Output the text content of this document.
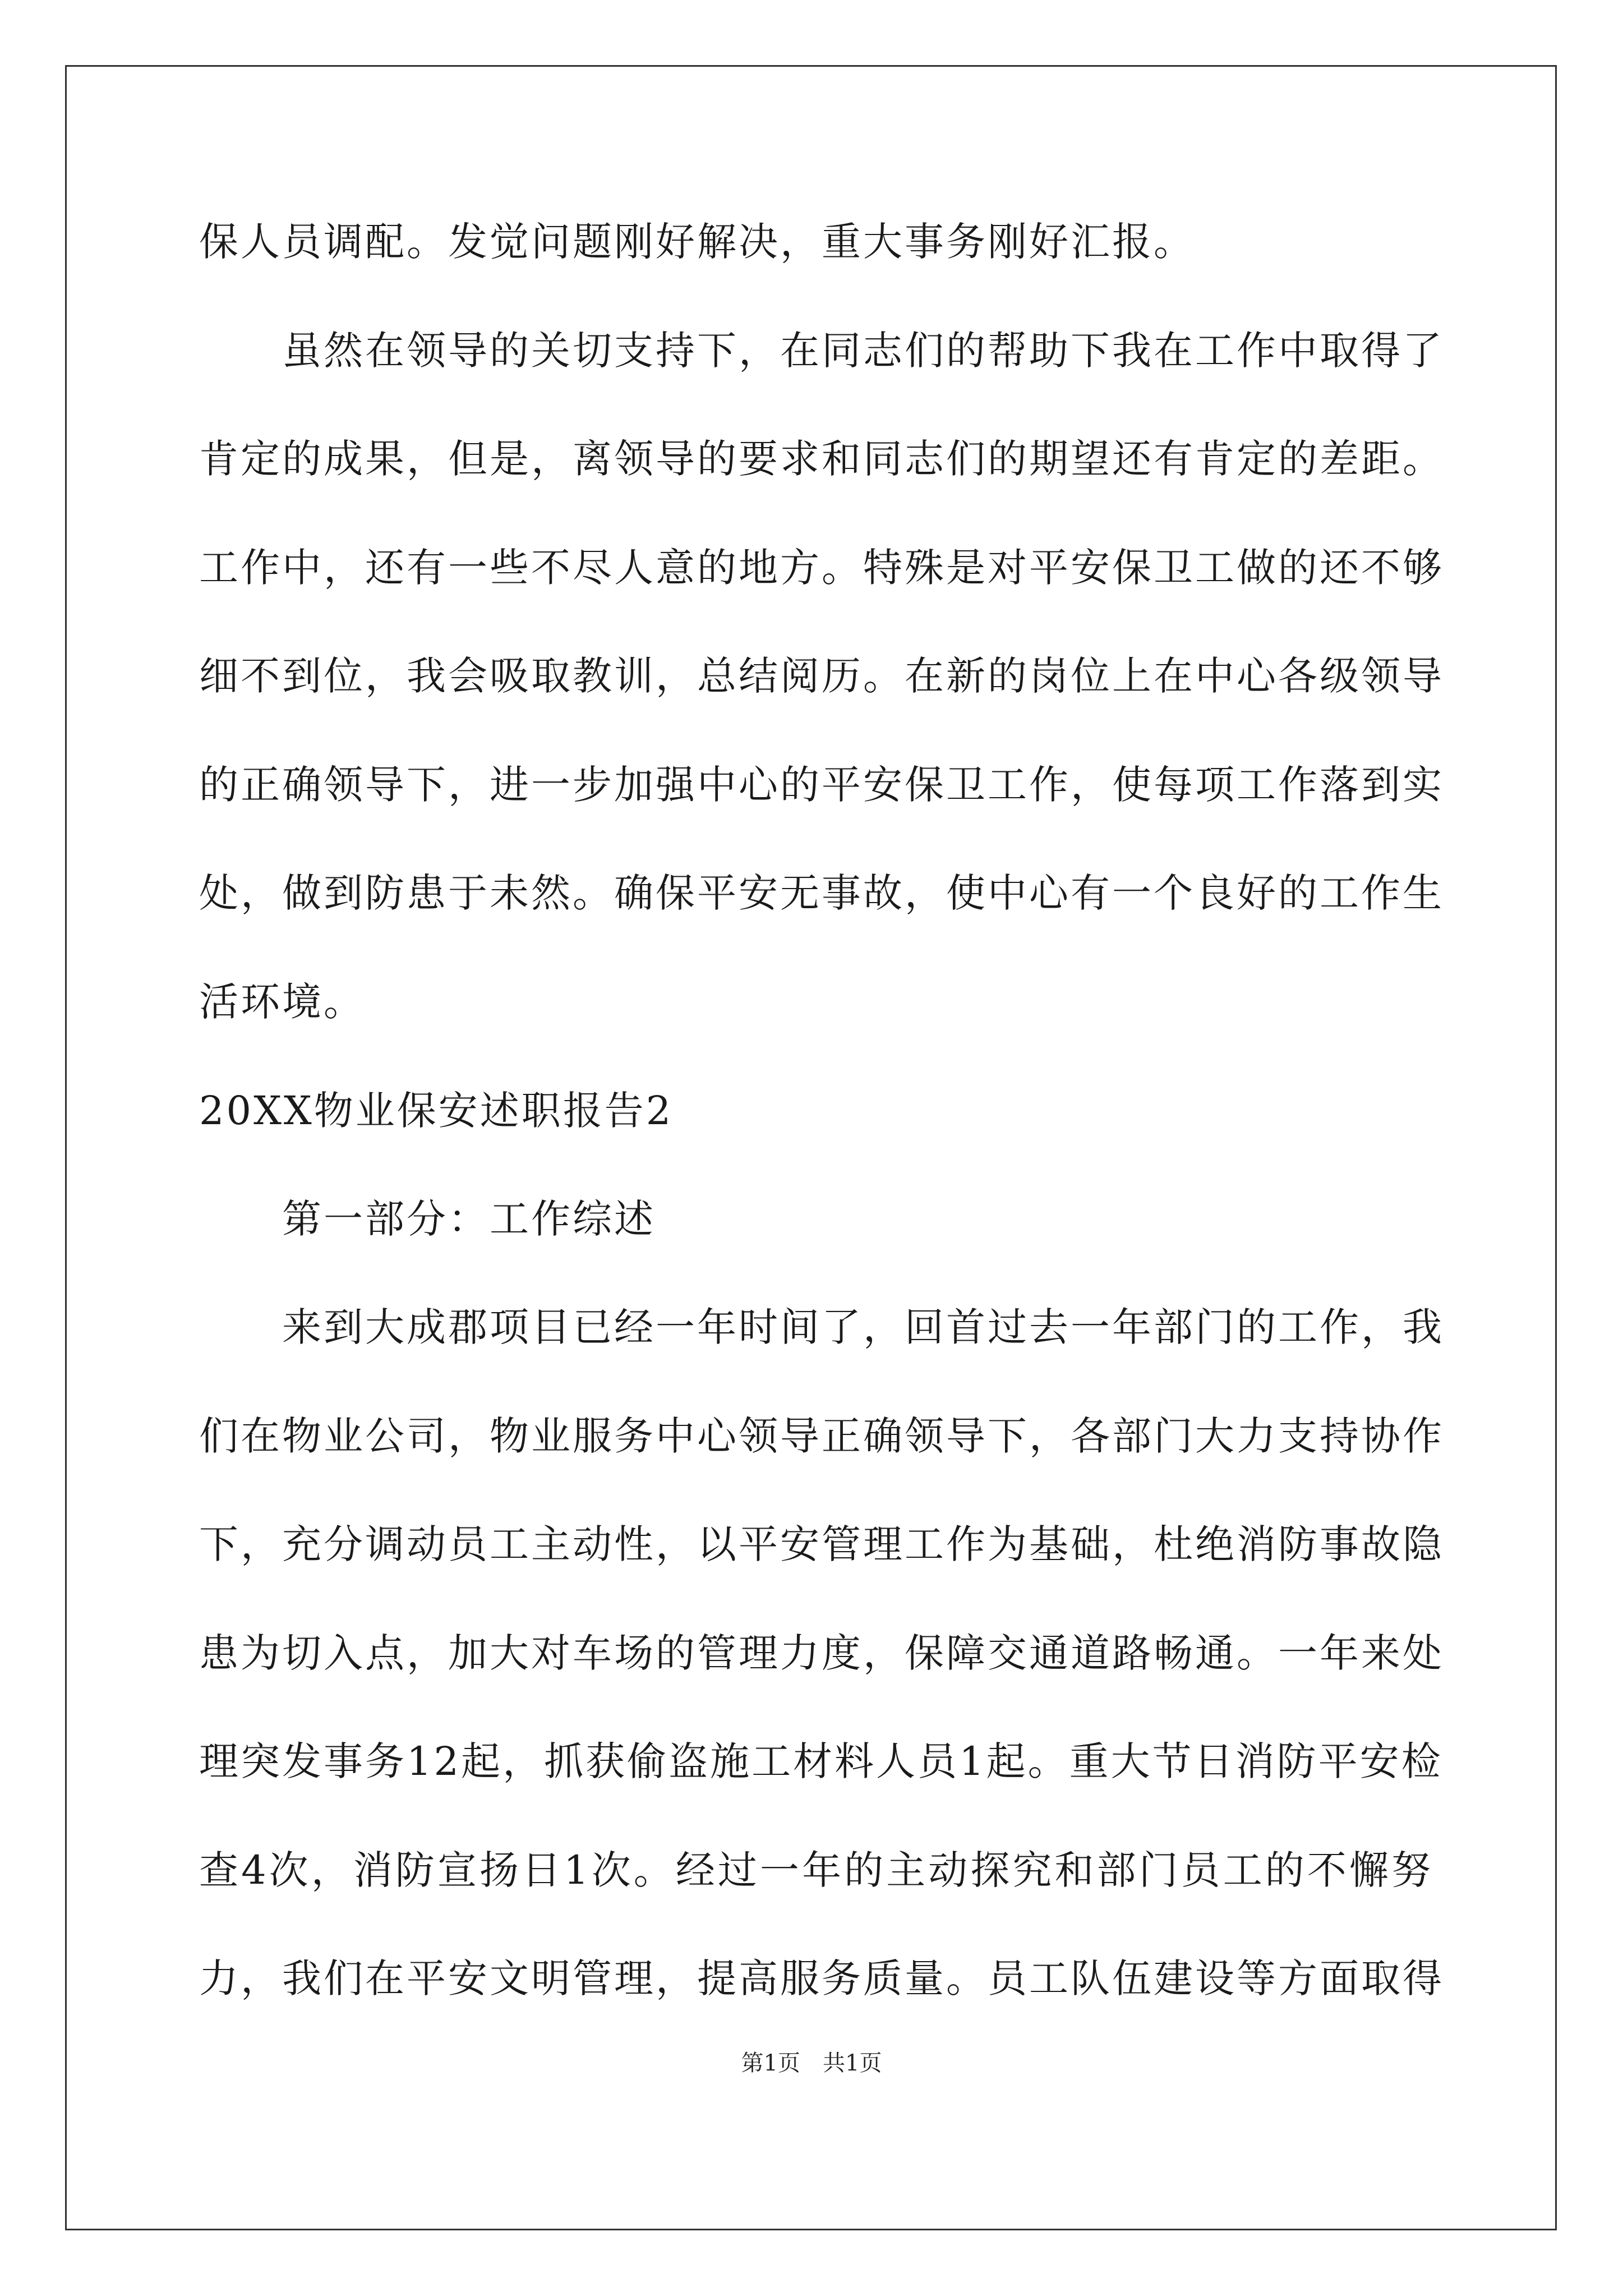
保人员调配。发觉问题刚好解决，重大事务刚好汇报。
　　虽然在领导的关切支持下，在同志们的帮助下我在工作中取得了
肯定的成果，但是，离领导的要求和同志们的期望还有肯定的差距。
工作中，还有一些不尽人意的地方。特殊是对平安保卫工做的还不够
细不到位，我会吸取教训，总结阅历。在新的岗位上在中心各级领导
的正确领导下，进一步加强中心的平安保卫工作，使每项工作落到实
处，做到防患于未然。确保平安无事故，使中心有一个良好的工作生
活环境。
20XX物业保安述职报告2
　　第一部分：工作综述
　　来到大成郡项目已经一年时间了，回首过去一年部门的工作，我
们在物业公司，物业服务中心领导正确领导下，各部门大力支持协作
下，充分调动员工主动性，以平安管理工作为基础，杜绝消防事故隐
患为切入点，加大对车场的管理力度，保障交通道路畅通。一年来处
理突发事务12起，抓获偷盗施工材料人员1起。重大节日消防平安检
查4次，消防宣扬日1次。经过一年的主动探究和部门员工的不懈努
力，我们在平安文明管理，提高服务质量。员工队伍建设等方面取得
第1页　共1页
